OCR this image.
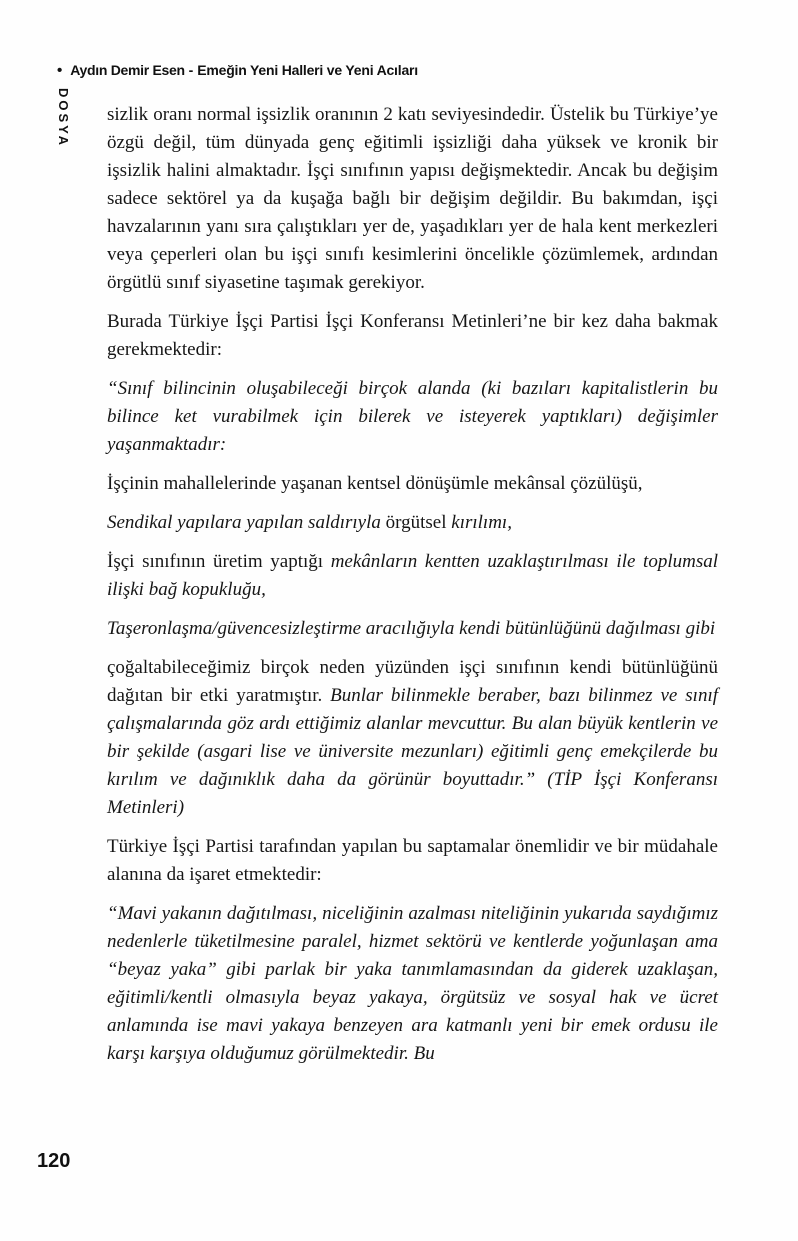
• Aydın Demir Esen - Emeğin Yeni Halleri ve Yeni Acıları
DOSYA sizlik oranı normal işsizlik oranının 2 katı seviyesindedir. Üstelik bu Türkiye’ye özgü değil, tüm dünyada genç eğitimli işsizliği daha yüksek ve kronik bir işsizlik halini almaktadır. İşçi sınıfının yapısı değişmektedir. Ancak bu değişim sadece sektörel ya da kuşağa bağlı bir değişim değildir. Bu bakımdan, işçi havzalarının yanı sıra çalıştıkları yer de, yaşadıkları yer de hala kent merkezleri veya çeperleri olan bu işçi sınıfı kesimlerini öncelikle çözümlemek, ardından örgütlü sınıf siyasetine taşımak gerekiyor.

Burada Türkiye İşçi Partisi İşçi Konferansı Metinleri’ne bir kez daha bakmak gerekmektedir:

“Sınıf bilincinin oluşabileceği birçok alanda (ki bazıları kapitalistlerin bu bilince ket vurabilmek için bilerek ve isteyerek yaptıkları) değişimler yaşanmaktadır:

İşçinin mahallelerinde yaşanan kentsel dönüşümle mekânsal çözülüşü,

Sendikal yapılara yapılan saldırıyla örgütsel kırılımı,

İşçi sınıfının üretim yaptığı mekânların kentten uzaklaştırılması ile toplumsal ilişki bağ kopukluğu,

Taşeronlaşma/güvencesizleştirme aracılığıyla kendi bütünlüğünü dağılması gibi

çoğaltabileceğimiz birçok neden yüzünden işçi sınıfının kendi bütünlüğünü dağıtan bir etki yaratmıştır. Bunlar bilinmekle beraber, bazı bilinmez ve sınıf çalışmalarında göz ardı ettiğimiz alanlar mevcuttur. Bu alan büyük kentlerin ve bir şekilde (asgari lise ve üniversite mezunları) eğitimli genç emekçilerde bu kırılım ve dağınıklık daha da görünür boyuttadır.” (TİP İşçi Konferansı Metinleri)

Türkiye İşçi Partisi tarafından yapılan bu saptamalar önemlidir ve bir müdahale alanına da işaret etmektedir:

“Mavi yakanın dağıtılması, niceliğinin azalması niteliğinin yukarıda saydığımız nedenlerle tüketilmesine paralel, hizmet sektörü ve kentlerde yoğunlaşan ama “beyaz yaka” gibi parlak bir yaka tanımlamasından da giderek uzaklaşan, eğitimli/kentli olmasıyla beyaz yakaya, örgütsüz ve sosyal hak ve ücret anlamında ise mavi yakaya benzeyen ara katmanlı yeni bir emek ordusu ile karşı karşıya olduğumuz görülmektedir. Bu

120
